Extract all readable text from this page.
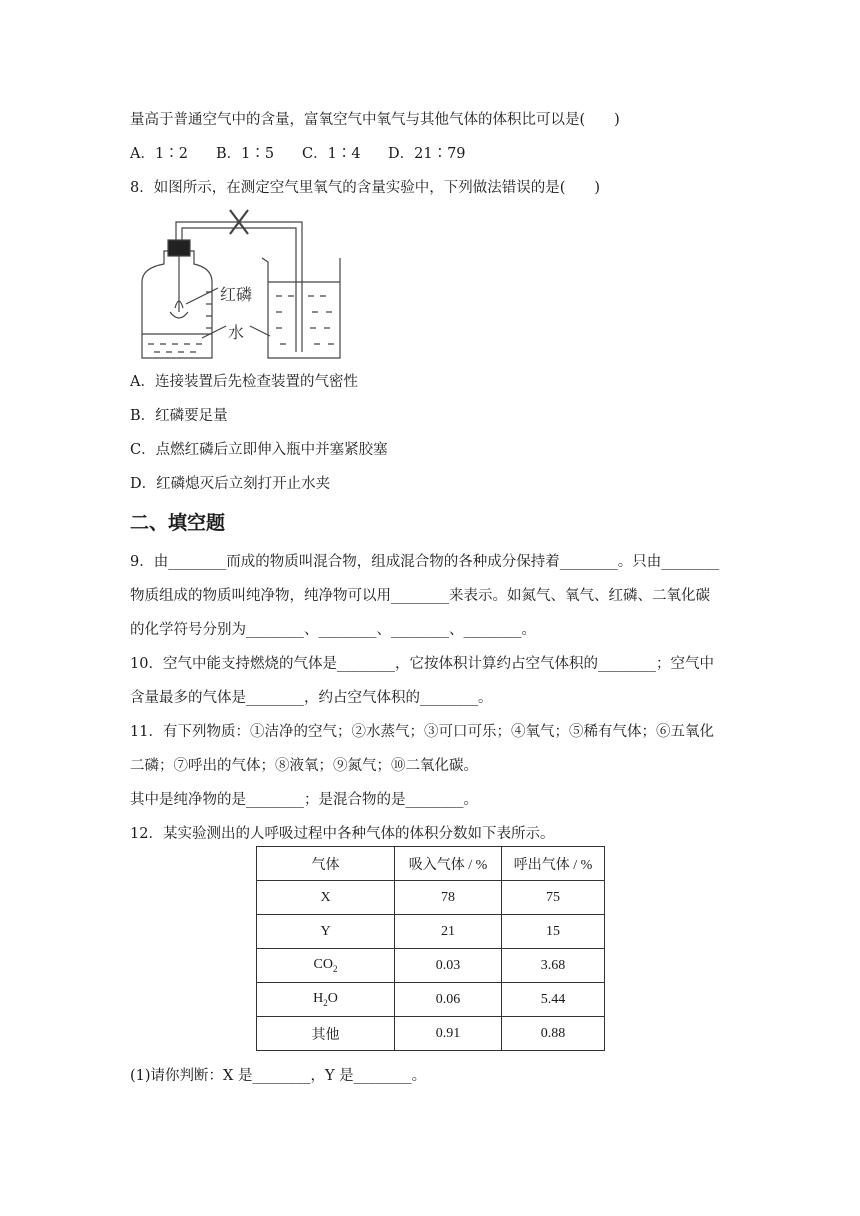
量高于普通空气中的含量，富氧空气中氧气与其他气体的体积比可以是(　　)
A．1∶2 B．1∶5 C．1∶4 D．21∶79
8．如图所示，在测定空气里氧气的含量实验中，下列做法错误的是(　　)
红磷
水
A．连接装置后先检查装置的气密性
B．红磷要足量
C．点燃红磷后立即伸入瓶中并塞紧胶塞
D．红磷熄灭后立刻打开止水夹
二、填空题
9．由________而成的物质叫混合物，组成混合物的各种成分保持着________。只由________
物质组成的物质叫纯净物，纯净物可以用________来表示。如氮气、氧气、红磷、二氧化碳
的化学符号分别为________、________、________、________。
10．空气中能支持燃烧的气体是________，它按体积计算约占空气体积的________；空气中
含量最多的气体是________，约占空气体积的________。
11．有下列物质：①洁净的空气；②水蒸气；③可口可乐；④氧气；⑤稀有气体；⑥五氧化
二磷；⑦呼出的气体；⑧液氧；⑨氮气；⑩二氧化碳。
其中是纯净物的是________；是混合物的是________。
12．某实验测出的人呼吸过程中各种气体的体积分数如下表所示。
气体	吸入气体 / %	呼出气体 / %
X	78	75
Y	21	15
$CO_2$	0.03	3.68
$H_2O$	0.06	5.44
其他	0.91	0.88
(1)请你判断：X 是________，Y 是________。
